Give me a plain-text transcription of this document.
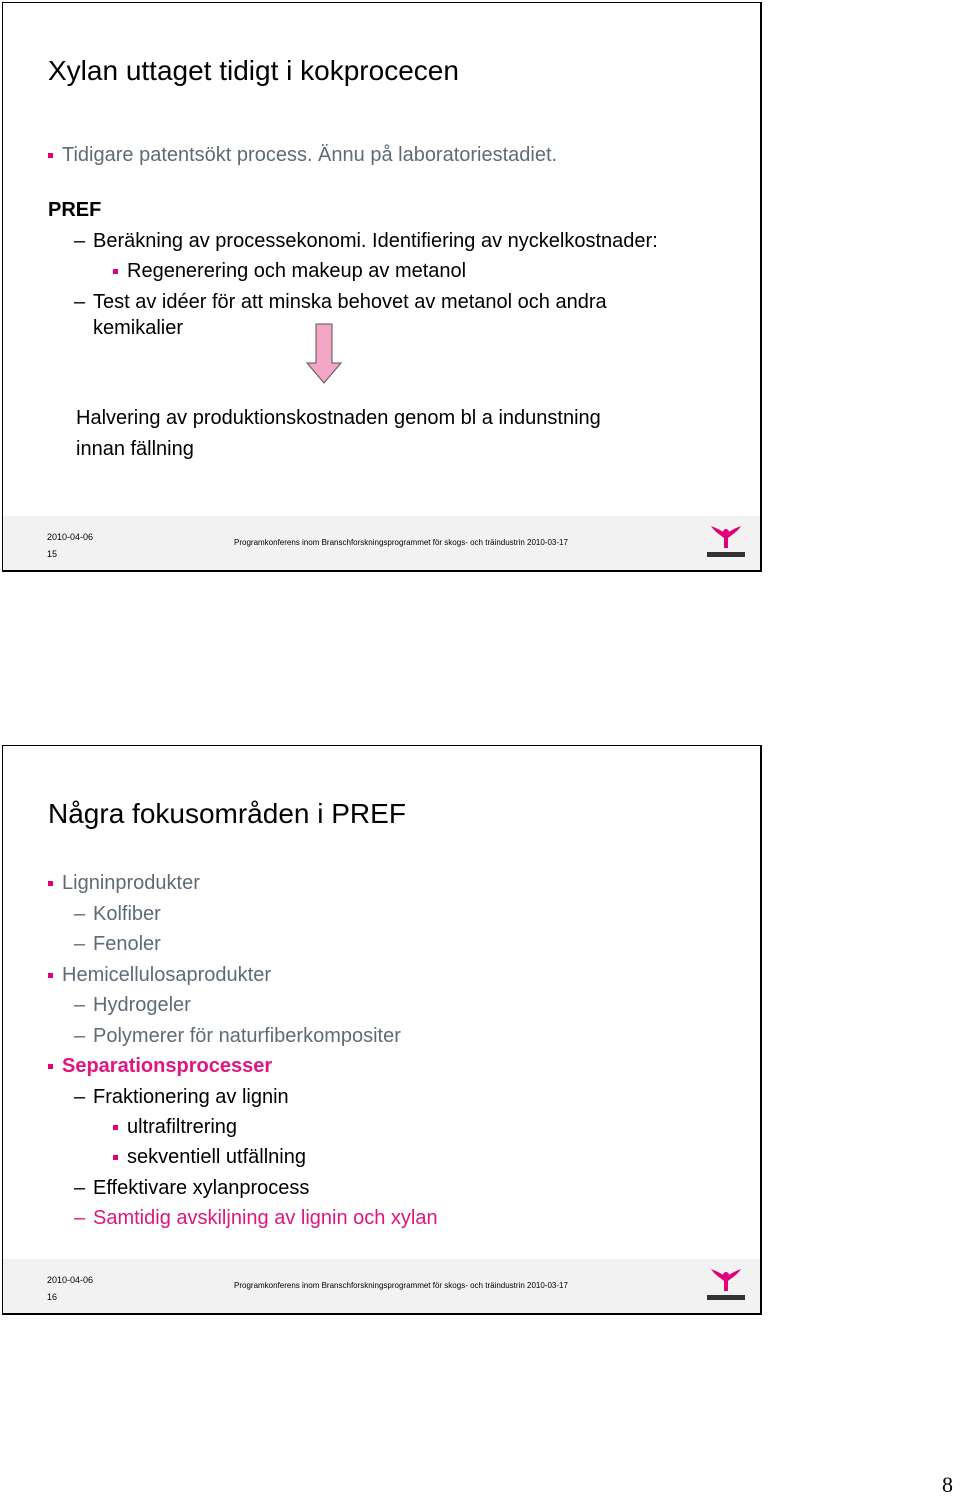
Xylan uttaget tidigt i kokprocecen
Tidigare patentsökt process. Ännu på laboratoriestadiet.
PREF
– Beräkning av processekonomi. Identifiering av nyckelkostnader:
Regenerering och makeup av metanol
– Test av idéer för att minska behovet av metanol och andra
kemikalier
Halvering av produktionskostnaden genom bl a indunstning
innan fällning
2010-04-06
15
Programkonferens inom Branschforskningsprogrammet för skogs- och träindustrin 2010-03-17
Några fokusområden i PREF
Ligninprodukter
– Kolfiber
– Fenoler
Hemicellulosaprodukter
– Hydrogeler
– Polymerer för naturfiberkompositer
Separationsprocesser
– Fraktionering av lignin
ultrafiltrering
sekventiell utfällning
– Effektivare xylanprocess
– Samtidig avskiljning av lignin och xylan
2010-04-06
16
Programkonferens inom Branschforskningsprogrammet för skogs- och träindustrin 2010-03-17
8
